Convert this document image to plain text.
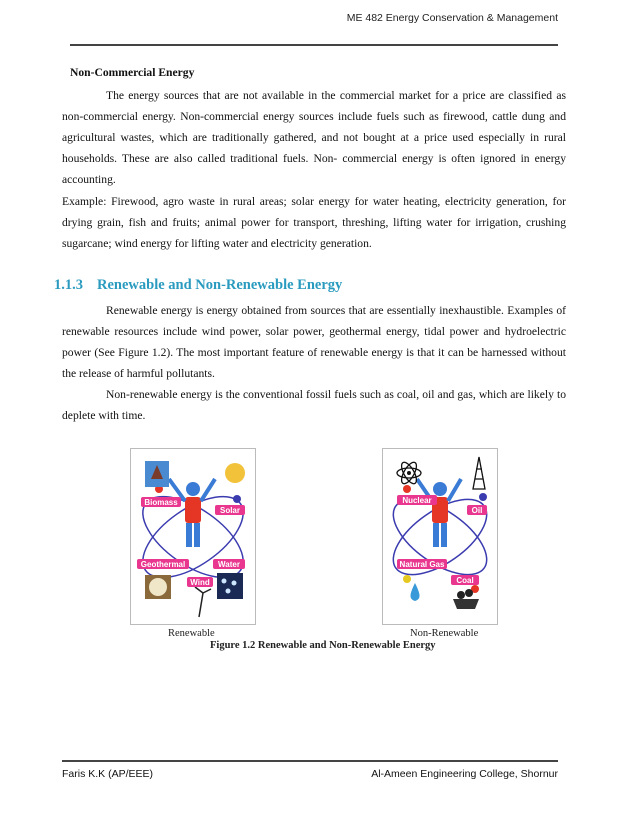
ME 482 Energy Conservation & Management
Non-Commercial Energy

The energy sources that are not available in the commercial market for a price are classified as non-commercial energy. Non-commercial energy sources include fuels such as firewood, cattle dung and agricultural wastes, which are traditionally gathered, and not bought at a price used especially in rural households. These are also called traditional fuels. Non- commercial energy is often ignored in energy accounting.

Example: Firewood, agro waste in rural areas; solar energy for water heating, electricity generation, for drying grain, fish and fruits; animal power for transport, threshing, lifting water for irrigation, crushing sugarcane; wind energy for lifting water and electricity generation.

1.1.3 Renewable and Non-Renewable Energy

Renewable energy is energy obtained from sources that are essentially inexhaustible. Examples of renewable resources include wind power, solar power, geothermal energy, tidal power and hydroelectric power (See Figure 1.2). The most important feature of renewable energy is that it can be harnessed without the release of harmful pollutants.

Non-renewable energy is the conventional fossil fuels such as coal, oil and gas, which are likely to deplete with time.

Biomass
Solar
Geothermal	Water
Wind
Nuclear
Oil
Natural Gas
Coal
Renewable	Non-Renewable
Figure 1.2 Renewable and Non-Renewable Energy
Faris K.K (AP/EEE)	Al-Ameen Engineering College, Shornur
